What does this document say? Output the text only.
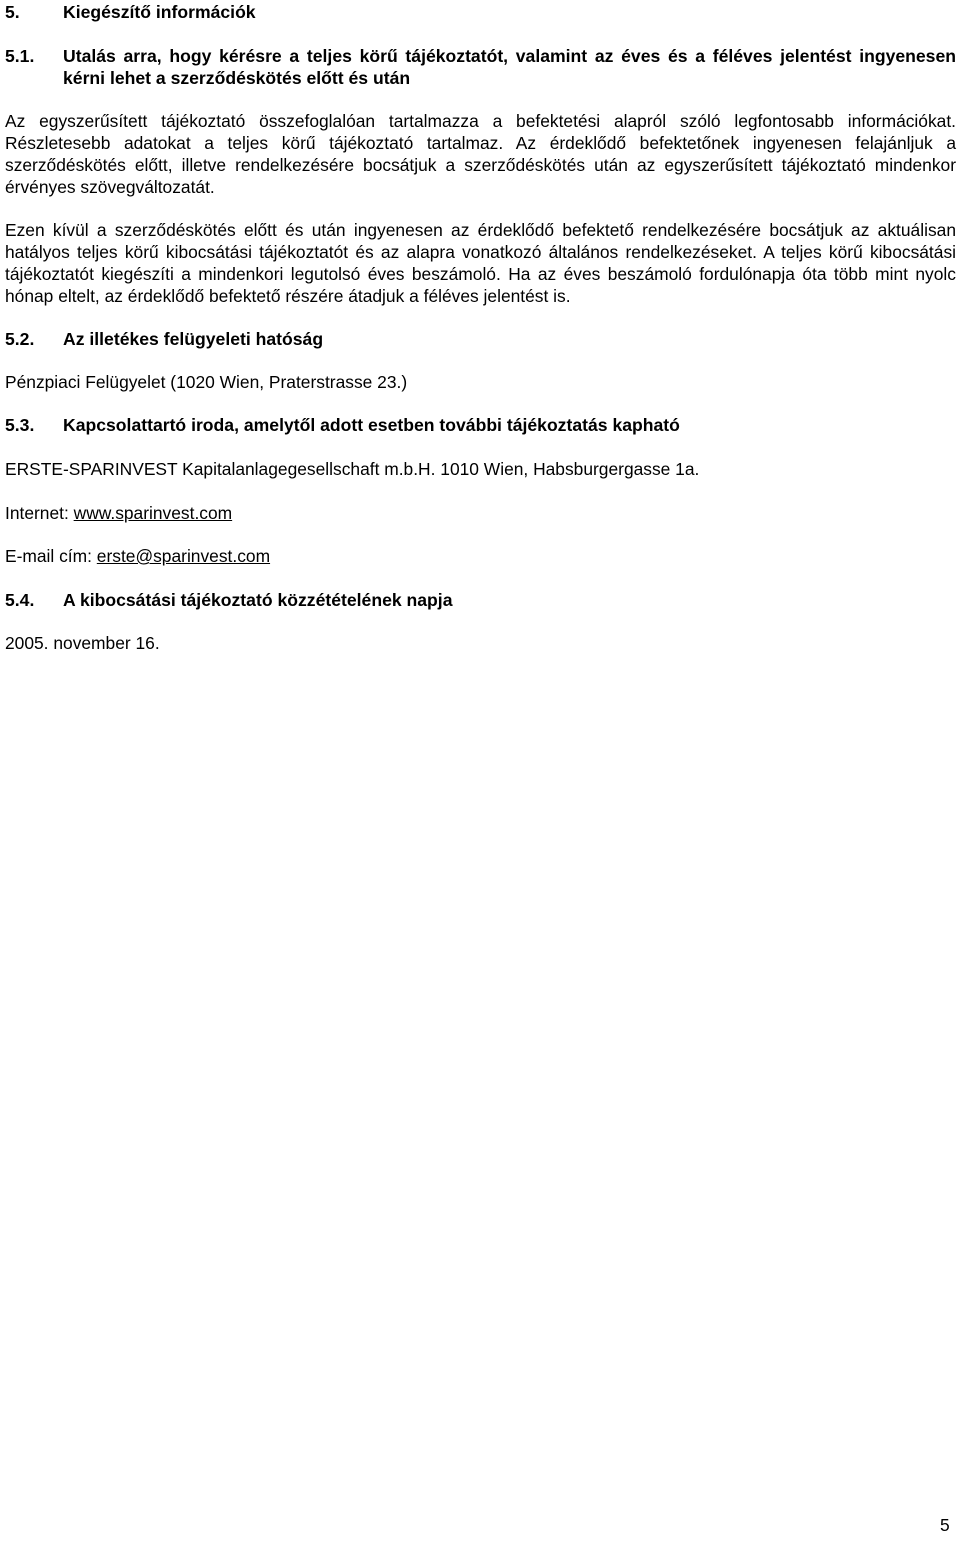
5. Kiegészítő információk
5.1. Utalás arra, hogy kérésre a teljes körű tájékoztatót, valamint az éves és a féléves jelentést ingyenesen kérni lehet a szerződéskötés előtt és után

Az egyszerűsített tájékoztató összefoglalóan tartalmazza a befektetési alapról szóló legfontosabb információkat. Részletesebb adatokat a teljes körű tájékoztató tartalmaz. Az érdeklődő befektetőnek ingyenesen felajánljuk a szerződéskötés előtt, illetve rendelkezésére bocsátjuk a szerződéskötés után az egyszerűsített tájékoztató mindenkor érvényes szövegváltozatát.

Ezen kívül a szerződéskötés előtt és után ingyenesen az érdeklődő befektető rendelkezésére bocsátjuk az aktuálisan hatályos teljes körű kibocsátási tájékoztatót és az alapra vonatkozó általános rendelkezéseket. A teljes körű kibocsátási tájékoztatót kiegészíti a mindenkori legutolsó éves beszámoló. Ha az éves beszámoló fordulónapja óta több mint nyolc hónap eltelt, az érdeklődő befektető részére átadjuk a féléves jelentést is.

5.2. Az illetékes felügyeleti hatóság

Pénzpiaci Felügyelet (1020 Wien, Praterstrasse 23.)

5.3. Kapcsolattartó iroda, amelytől adott esetben további tájékoztatás kapható

ERSTE-SPARINVEST Kapitalanlagegesellschaft m.b.H. 1010 Wien, Habsburgergasse 1a.

Internet: www.sparinvest.com

E-mail cím: erste@sparinvest.com

5.4. A kibocsátási tájékoztató közzétételének napja

2005. november 16.

5
